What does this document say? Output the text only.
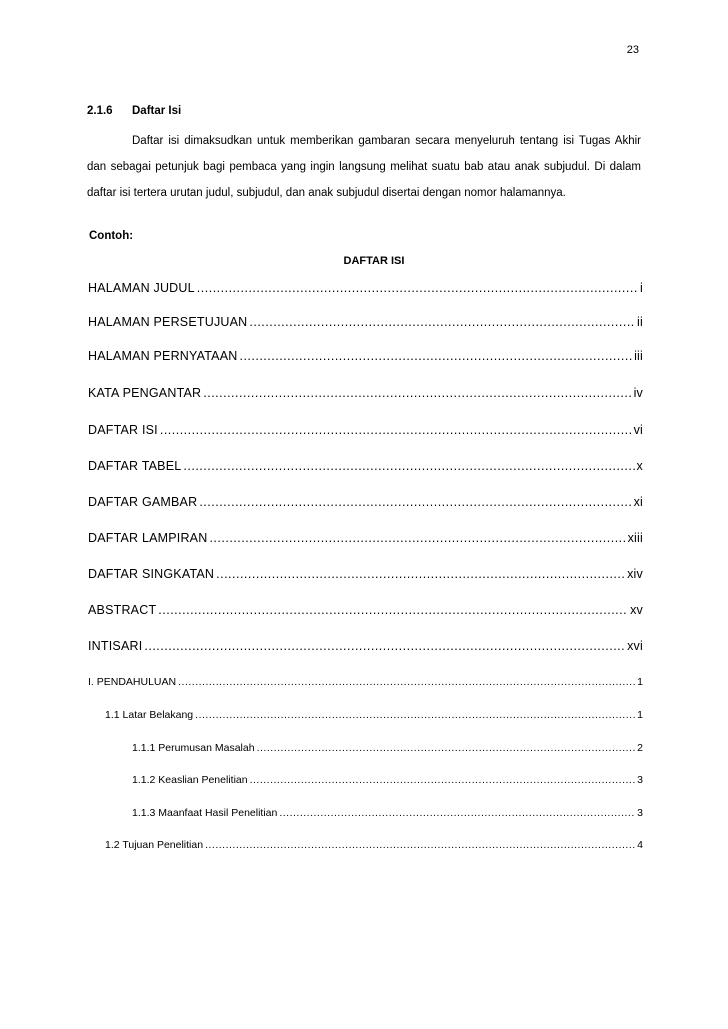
23
2.1.6 Daftar Isi

Daftar isi dimaksudkan untuk memberikan gambaran secara menyeluruh tentang isi Tugas Akhir dan sebagai petunjuk bagi pembaca yang ingin langsung melihat suatu bab atau anak subjudul. Di dalam daftar isi tertera urutan judul, subjudul, dan anak subjudul disertai dengan nomor halamannya.

Contoh:
DAFTAR ISI
HALAMAN JUDUL .....	i
HALAMAN PERSETUJUAN .....	ii
HALAMAN PERNYATAAN .....	iii
KATA PENGANTAR .....	iv
DAFTAR ISI .....	vi
DAFTAR TABEL .....	x
DAFTAR GAMBAR .....	xi
DAFTAR LAMPIRAN .....	xiii
DAFTAR SINGKATAN .....	xiv
ABSTRACT .....	xv
INTISARI .....	xvi
I. PENDAHULUAN .....	1
1.1 Latar Belakang .....	1
1.1.1 Perumusan Masalah .....	2
1.1.2 Keaslian Penelitian .....	3
1.1.3 Maanfaat Hasil Penelitian .....	3
1.2 Tujuan Penelitian .....	4
